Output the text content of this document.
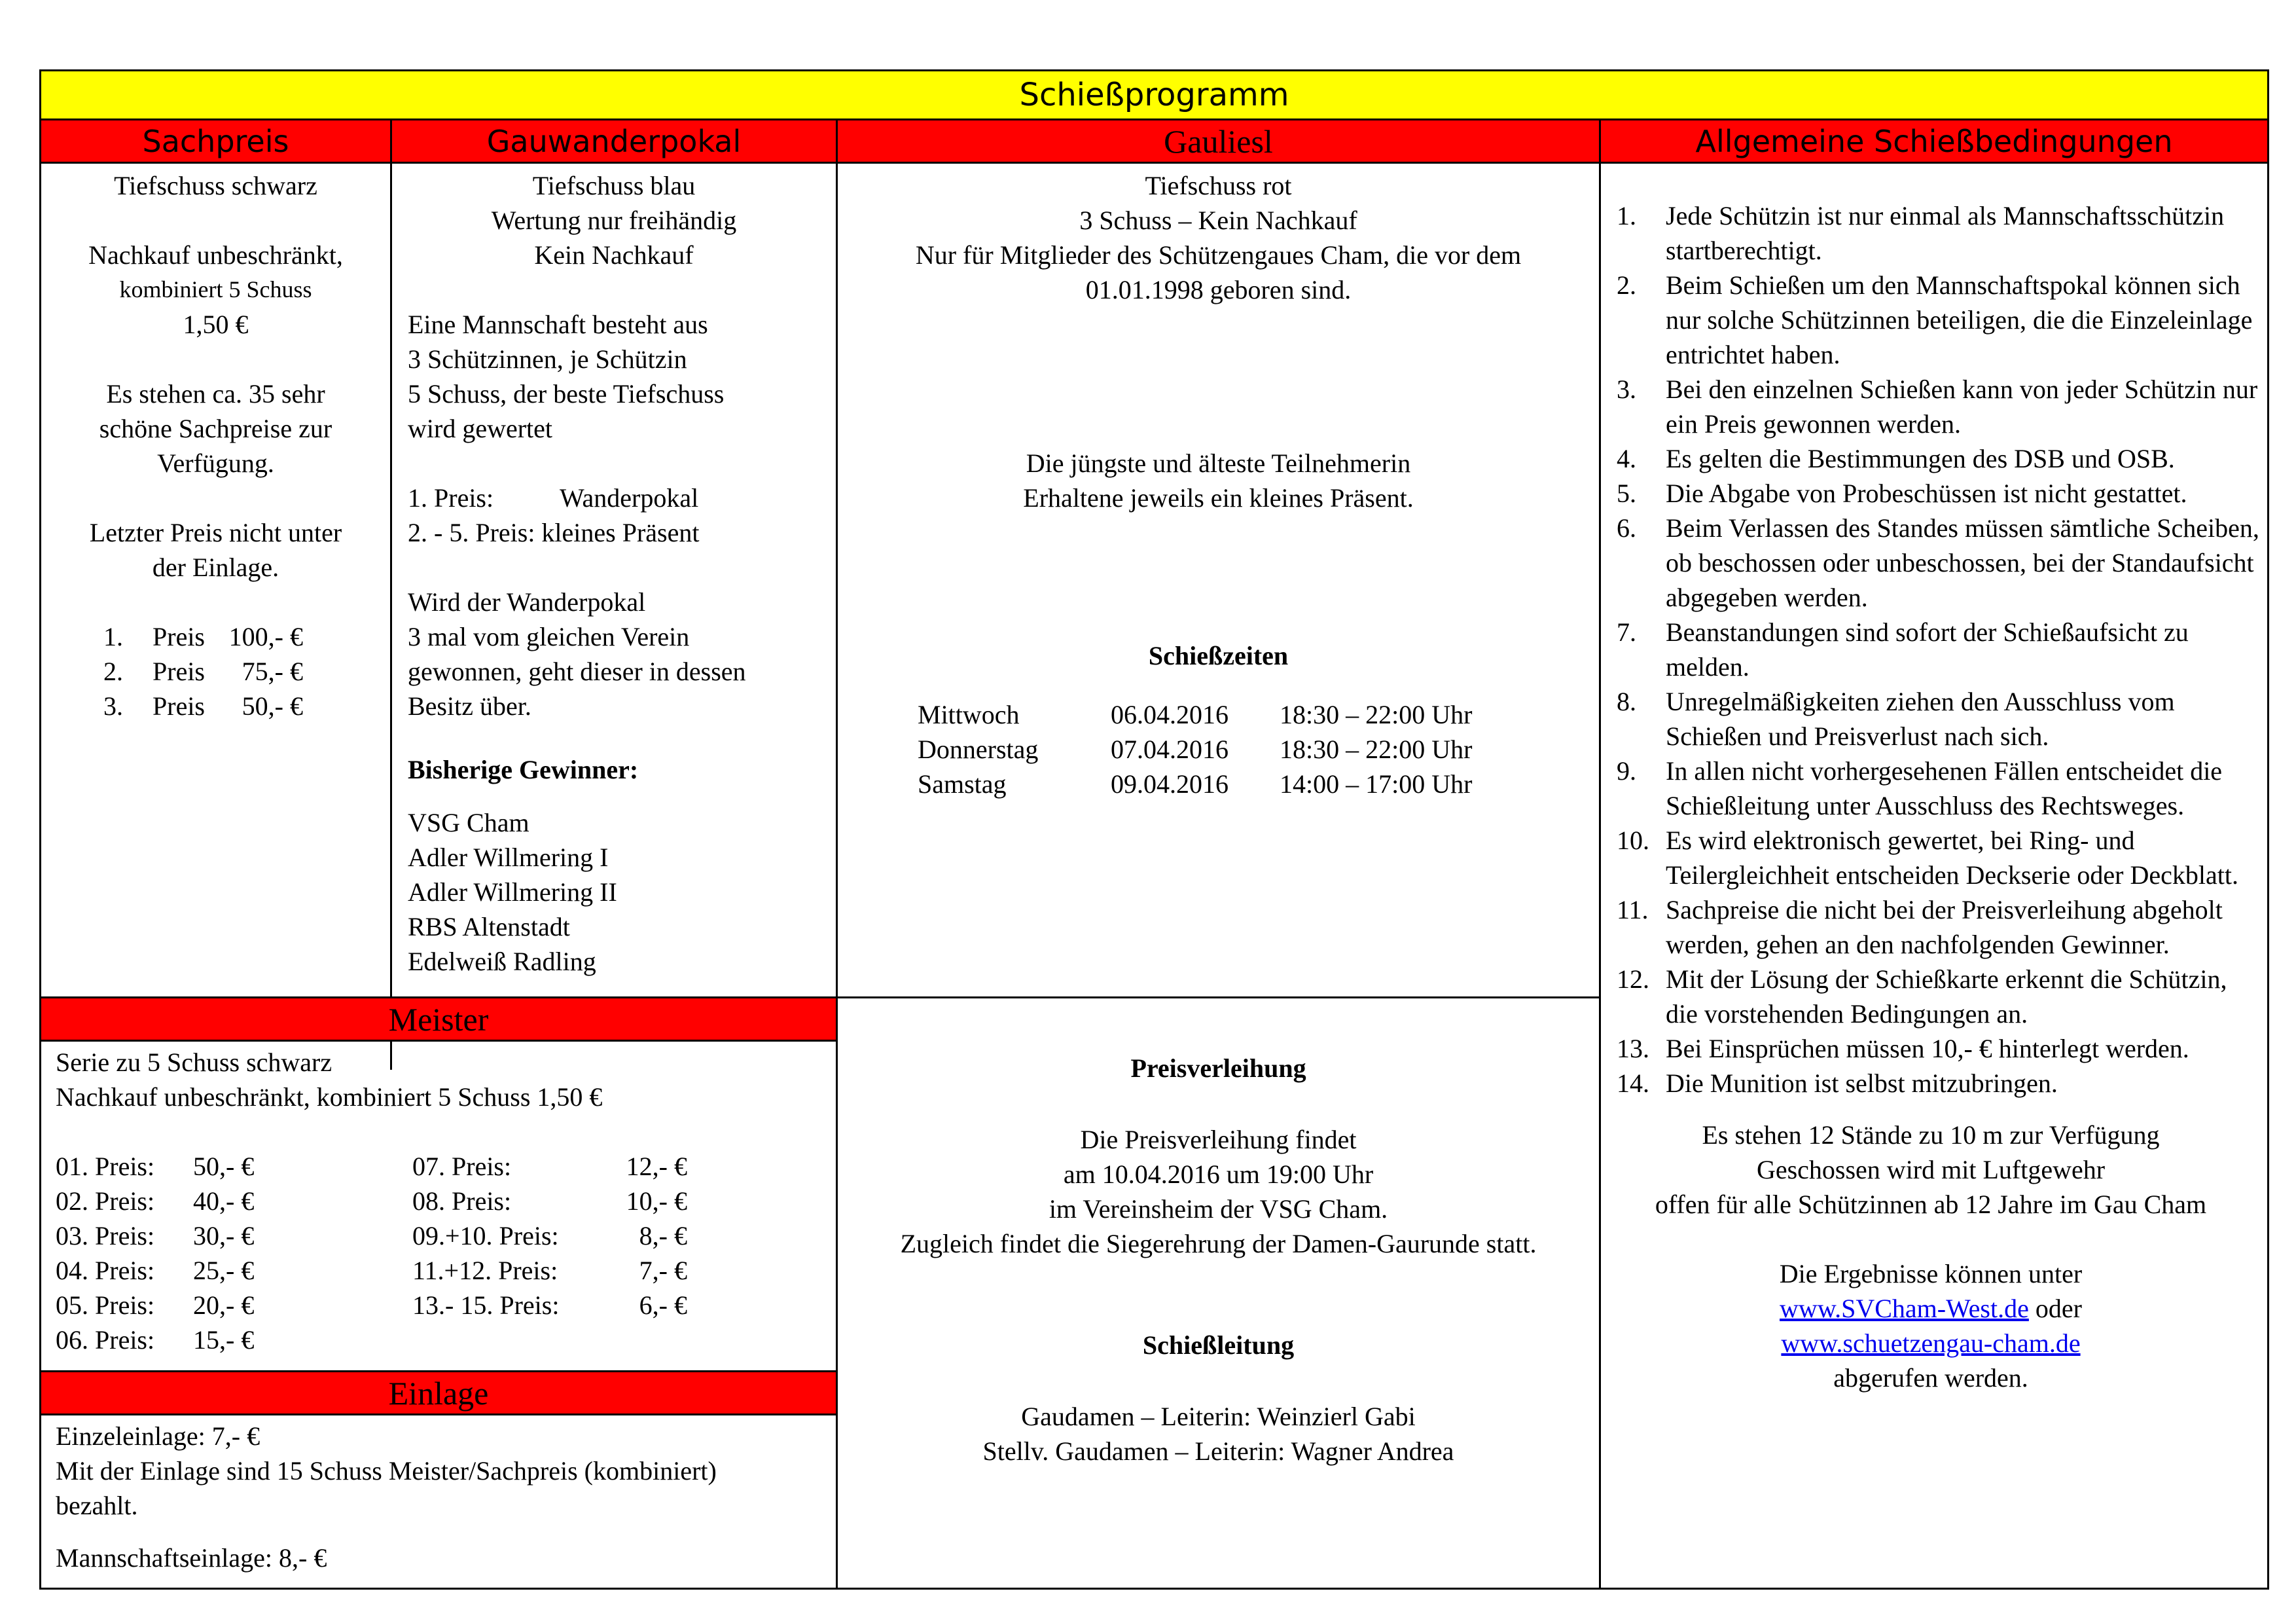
Schießprogramm
Sachpreis	Gauwanderpokal	Gauliesl	Allgemeine Schießbedingungen
Tiefschuss schwarz
Nachkauf unbeschränkt,
kombiniert 5 Schuss
1,50 €
Es stehen ca. 35 sehr
schöne Sachpreise zur
Verfügung.
Letzter Preis nicht unter
der Einlage.
1.	Preis 100,- €
2.	Preis	75,- €
3.	Preis	50,- €
Tiefschuss blau
Wertung nur freihändig
Kein Nachkauf
Eine Mannschaft besteht aus
3 Schützinnen, je Schützin
5 Schuss, der beste Tiefschuss
wird gewertet
1. Preis:	Wanderpokal
2. - 5. Preis: kleines Präsent
Wird der Wanderpokal
3 mal vom gleichen Verein
gewonnen, geht dieser in dessen
Besitz über.
Bisherige Gewinner:
VSG Cham
Adler Willmering I
Adler Willmering II
RBS Altenstadt
Edelweiß Radling
Tiefschuss rot
3 Schuss – Kein Nachkauf
Nur für Mitglieder des Schützengaues Cham, die vor dem
01.01.1998 geboren sind.
Die jüngste und älteste Teilnehmerin
Erhaltene jeweils ein kleines Präsent.
Schießzeiten
Mittwoch	06.04.2016	18:30 – 22:00 Uhr
Donnerstag	07.04.2016	18:30 – 22:00 Uhr
Samstag	09.04.2016	14:00 – 17:00 Uhr
Meister
Serie zu 5 Schuss schwarz
Nachkauf unbeschränkt, kombiniert 5 Schuss 1,50 €
01. Preis:	50,- €
02. Preis:	40,- €
03. Preis:	30,- €
04. Preis:	25,- €
05. Preis:	20,- €
06. Preis:	15,- €
07. Preis:	12,- €
08. Preis:	10,- €
09.+10. Preis:	8,- €
11.+12. Preis:	7,- €
13.- 15. Preis:	6,- €
Einlage
Einzeleinlage: 7,- €
Mit der Einlage sind 15 Schuss Meister/Sachpreis (kombiniert)
bezahlt.
Mannschaftseinlage: 8,- €
Preisverleihung
Die Preisverleihung findet
am 10.04.2016 um 19:00 Uhr
im Vereinsheim der VSG Cham.
Zugleich findet die Siegerehrung der Damen-Gaurunde statt.
Schießleitung
Gaudamen – Leiterin: Weinzierl Gabi
Stellv. Gaudamen – Leiterin: Wagner Andrea
1.	Jede Schützin ist nur einmal als Mannschaftsschützin startberechtigt.
2.	Beim Schießen um den Mannschaftspokal können sich nur solche Schützinnen beteiligen, die die Einzeleinlage entrichtet haben.
3.	Bei den einzelnen Schießen kann von jeder Schützin nur ein Preis gewonnen werden.
4.	Es gelten die Bestimmungen des DSB und OSB.
5.	Die Abgabe von Probeschüssen ist nicht gestattet.
6.	Beim Verlassen des Standes müssen sämtliche Scheiben, ob beschossen oder unbeschossen, bei der Standaufsicht abgegeben werden.
7.	Beanstandungen sind sofort der Schießaufsicht zu melden.
8.	Unregelmäßigkeiten ziehen den Ausschluss vom Schießen und Preisverlust nach sich.
9.	In allen nicht vorhergesehenen Fällen entscheidet die Schießleitung unter Ausschluss des Rechtsweges.
10. Es wird elektronisch gewertet, bei Ring- und Teilergleichheit entscheiden Deckserie oder Deckblatt.
11. Sachpreise die nicht bei der Preisverleihung abgeholt werden, gehen an den nachfolgenden Gewinner.
12. Mit der Lösung der Schießkarte erkennt die Schützin, die vorstehenden Bedingungen an.
13. Bei Einsprüchen müssen 10,- € hinterlegt werden.
14. Die Munition ist selbst mitzubringen.
Es stehen 12 Stände zu 10 m zur Verfügung
Geschossen wird mit Luftgewehr
offen für alle Schützinnen ab 12 Jahre im Gau Cham
Die Ergebnisse können unter
www.SVCham-West.de oder
www.schuetzengau-cham.de
abgerufen werden.
